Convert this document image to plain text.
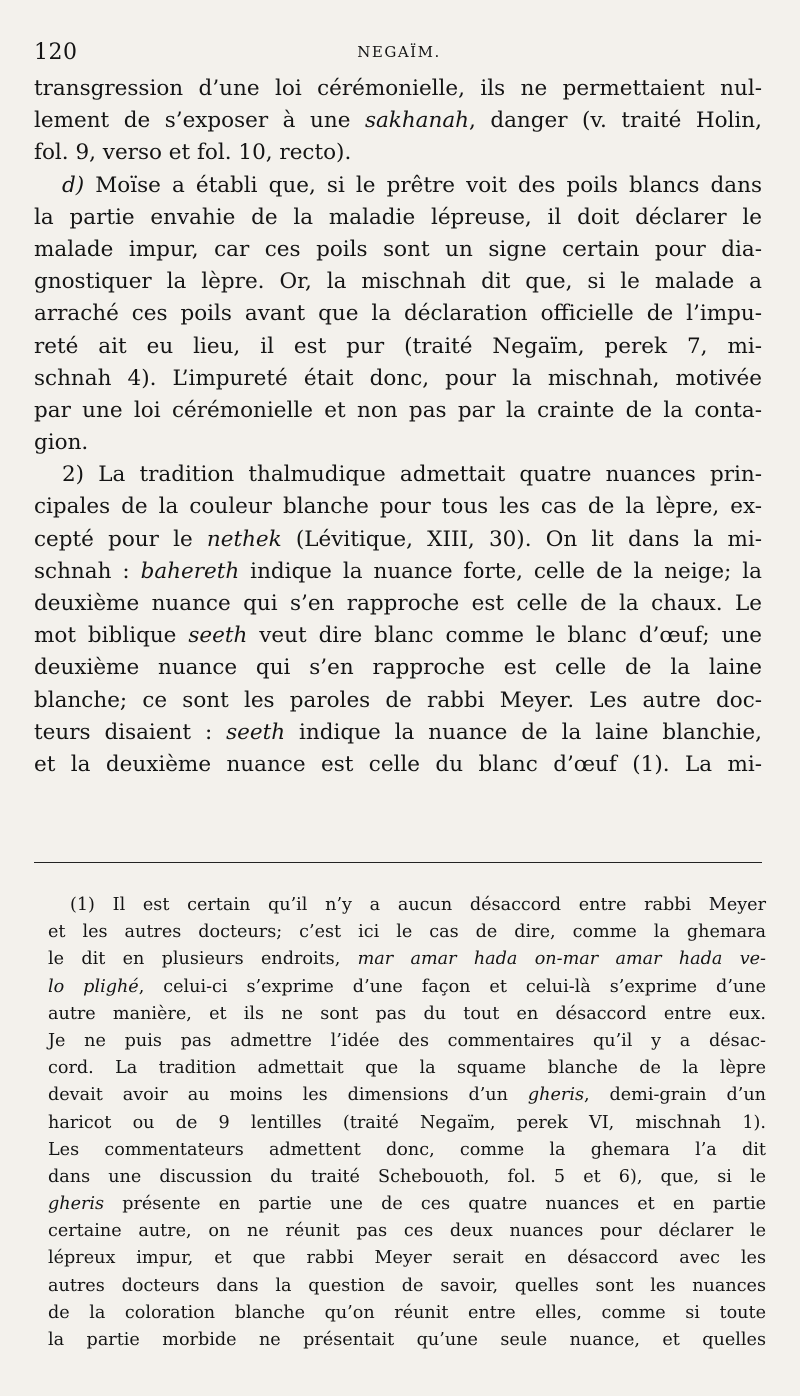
120	NEGAÏM.
transgression d’une loi cérémonielle, ils ne permettaient nul-
lement de s’exposer à une sakhanah, danger (v. traité Holin,
fol. 9, verso et fol. 10, recto).
d) Moïse a établi que, si le prêtre voit des poils blancs dans
la partie envahie de la maladie lépreuse, il doit déclarer le
malade impur, car ces poils sont un signe certain pour dia-
gnostiquer la lèpre. Or, la mischnah dit que, si le malade a
arraché ces poils avant que la déclaration officielle de l’impu-
reté ait eu lieu, il est pur (traité Negaïm, perek 7, mi-
schnah 4). L’impureté était donc, pour la mischnah, motivée
par une loi cérémonielle et non pas par la crainte de la conta-
gion.
2) La tradition thalmudique admettait quatre nuances prin-
cipales de la couleur blanche pour tous les cas de la lèpre, ex-
cepté pour le nethek (Lévitique, XIII, 30). On lit dans la mi-
schnah : bahereth indique la nuance forte, celle de la neige; la
deuxième nuance qui s’en rapproche est celle de la chaux. Le
mot biblique seeth veut dire blanc comme le blanc d’œuf; une
deuxième nuance qui s’en rapproche est celle de la laine
blanche; ce sont les paroles de rabbi Meyer. Les autre doc-
teurs disaient : seeth indique la nuance de la laine blanchie,
et la deuxième nuance est celle du blanc d’œuf (1). La mi-
(1) Il est certain qu’il n’y a aucun désaccord entre rabbi Meyer
et les autres docteurs; c’est ici le cas de dire, comme la ghemara
le dit en plusieurs endroits, mar amar hada on-mar amar hada ve-
lo plighé, celui-ci s’exprime d’une façon et celui-là s’exprime d’une
autre manière, et ils ne sont pas du tout en désaccord entre eux.
Je ne puis pas admettre l’idée des commentaires qu’il y a désac-
cord. La tradition admettait que la squame blanche de la lèpre
devait avoir au moins les dimensions d’un gheris, demi-grain d’un
haricot ou de 9 lentilles (traité Negaïm, perek VI, mischnah 1).
Les commentateurs admettent donc, comme la ghemara l’a dit
dans une discussion du traité Schebouoth, fol. 5 et 6), que, si le
gheris présente en partie une de ces quatre nuances et en partie
certaine autre, on ne réunit pas ces deux nuances pour déclarer le
lépreux impur, et que rabbi Meyer serait en désaccord avec les
autres docteurs dans la question de savoir, quelles sont les nuances
de la coloration blanche qu’on réunit entre elles, comme si toute
la partie morbide ne présentait qu’une seule nuance, et quelles
